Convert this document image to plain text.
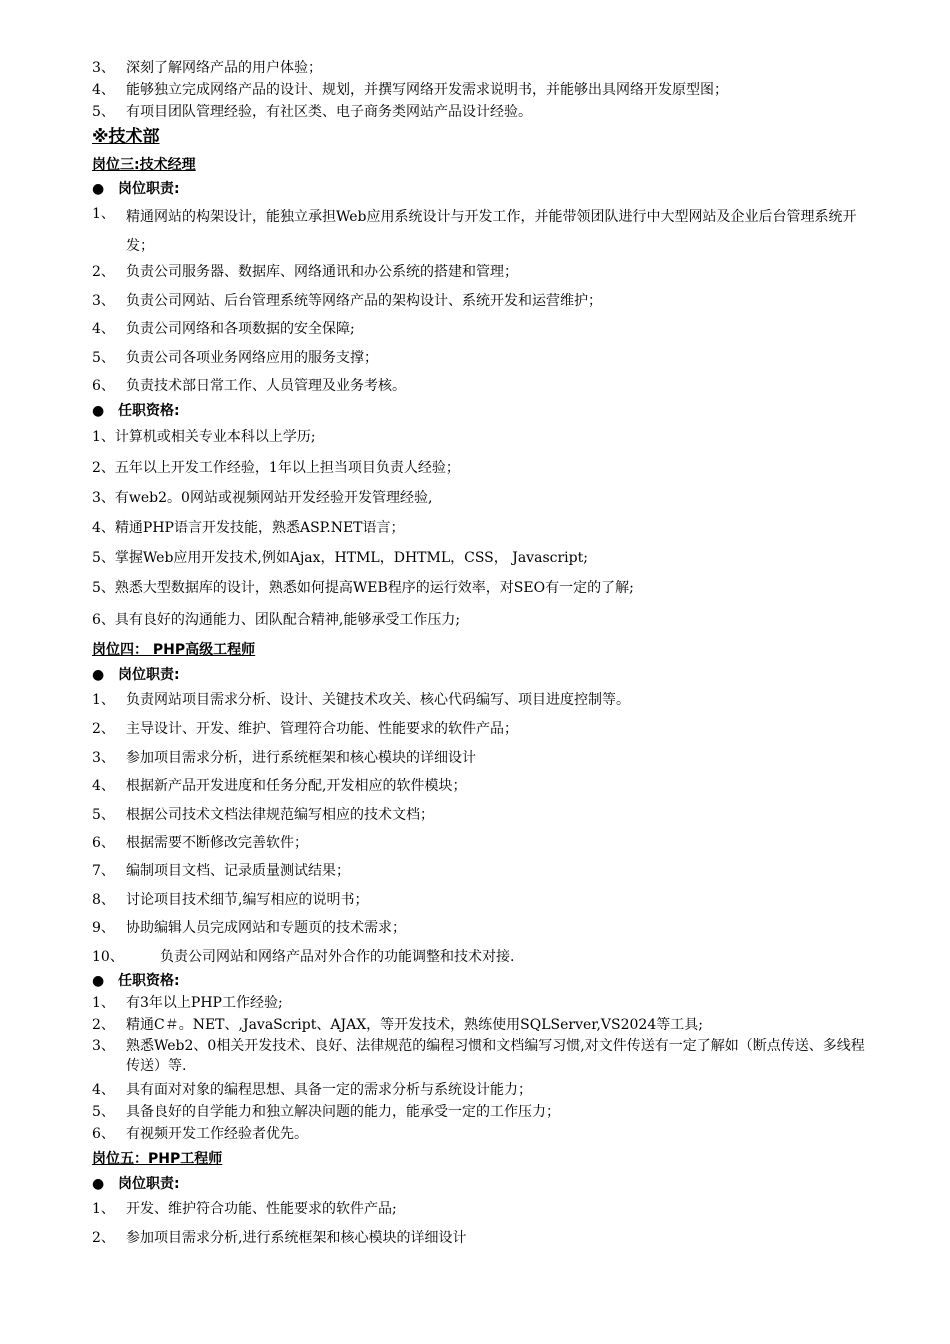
3、 深刻了解网络产品的用户体验；
4、 能够独立完成网络产品的设计、规划，并撰写网络开发需求说明书，并能够出具网络开发原型图；
5、 有项目团队管理经验，有社区类、电子商务类网站产品设计经验。
※技术部
岗位三:技术经理
● 岗位职责:
1、 精通网站的构架设计，能独立承担Web应用系统设计与开发工作，并能带领团队进行中大型网站及企业后台管理系统开发；
2、 负责公司服务器、数据库、网络通讯和办公系统的搭建和管理；
3、 负责公司网站、后台管理系统等网络产品的架构设计、系统开发和运营维护；
4、 负责公司网络和各项数据的安全保障;
5、 负责公司各项业务网络应用的服务支撑；
6、 负责技术部日常工作、人员管理及业务考核。
● 任职资格:
1、计算机或相关专业本科以上学历;
2、五年以上开发工作经验，1年以上担当项目负责人经验；
3、有web2。0网站或视频网站开发经验开发管理经验,
4、精通PHP语言开发技能，熟悉ASP.NET语言；
5、掌握Web应用开发技术,例如Ajax，HTML，DHTML，CSS， Javascript;
5、熟悉大型数据库的设计，熟悉如何提高WEB程序的运行效率，对SEO有一定的了解;
6、具有良好的沟通能力、团队配合精神,能够承受工作压力;
岗位四： PHP高级工程师
● 岗位职责:
1、 负责网站项目需求分析、设计、关键技术攻关、核心代码编写、项目进度控制等。
2、 主导设计、开发、维护、管理符合功能、性能要求的软件产品；
3、 参加项目需求分析，进行系统框架和核心模块的详细设计
4、 根据新产品开发进度和任务分配,开发相应的软件模块；
5、 根据公司技术文档法律规范编写相应的技术文档；
6、 根据需要不断修改完善软件；
7、 编制项目文档、记录质量测试结果；
8、 讨论项目技术细节,编写相应的说明书；
9、 协助编辑人员完成网站和专题页的技术需求；
10、	负责公司网站和网络产品对外合作的功能调整和技术对接.
● 任职资格:
1、 有3年以上PHP工作经验;
2、 精通C＃。NET、,JavaScript、AJAX，等开发技术，熟练使用SQLServer,VS2024等工具;
3、 熟悉Web2、0相关开发技术、良好、法律规范的编程习惯和文档编写习惯,对文件传送有一定了解如（断点传送、多线程传送）等.
4、 具有面对对象的编程思想、具备一定的需求分析与系统设计能力；
5、 具备良好的自学能力和独立解决问题的能力，能承受一定的工作压力；
6、 有视频开发工作经验者优先。
岗位五：PHP工程师
● 岗位职责:
1、 开发、维护符合功能、性能要求的软件产品;
2、 参加项目需求分析,进行系统框架和核心模块的详细设计
